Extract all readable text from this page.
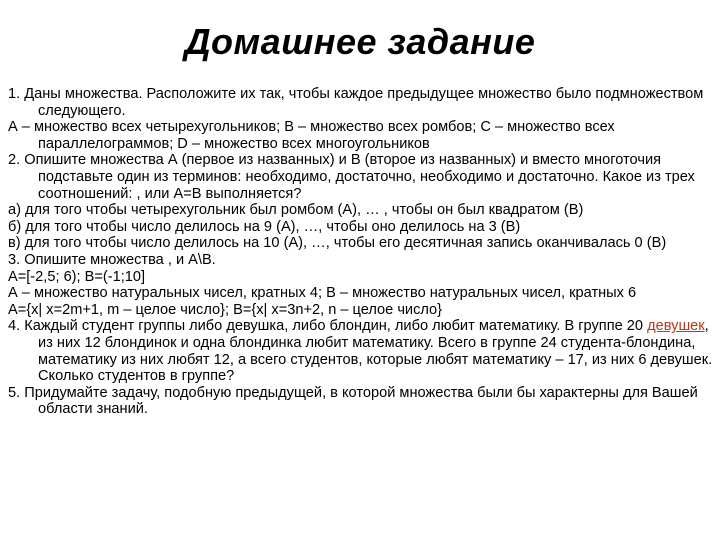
Домашнее задание

1. Даны множества. Расположите их так, чтобы каждое предыдущее множество было подмножеством следующего.

А – множество всех четырехугольников; В – множество всех ромбов; С – множество всех параллелограммов; D – множество всех многоугольников

2. Опишите множества А (первое из названных) и В (второе из названных) и вместо многоточия подставьте один из терминов: необходимо, достаточно, необходимо и достаточно. Какое из трех соотношений: , или А=В выполняется?

а) для того чтобы четырехугольник был ромбом (А), … , чтобы он был квадратом (В)

б) для того чтобы число делилось на 9 (А), …, чтобы оно делилось на 3 (В)

в) для того чтобы число делилось на 10 (А), …, чтобы его десятичная запись оканчивалась 0 (В)

3. Опишите множества , и А\В.

А=[-2,5; 6); В=(-1;10]

А – множество натуральных чисел, кратных 4; В – множество натуральных чисел, кратных 6

А={x| x=2m+1, m – целое число}; В={x| x=3n+2, n – целое число}

4. Каждый студент группы либо девушка, либо блондин, либо любит математику. В группе 20 девушек, из них 12 блондинок и одна блондинка любит математику. Всего в группе 24 студента-блондина, математику из них любят 12, а всего студентов, которые любят математику – 17, из них 6 девушек. Сколько студентов в группе?

5. Придумайте задачу, подобную предыдущей, в которой множества были бы характерны для Вашей области знаний.
